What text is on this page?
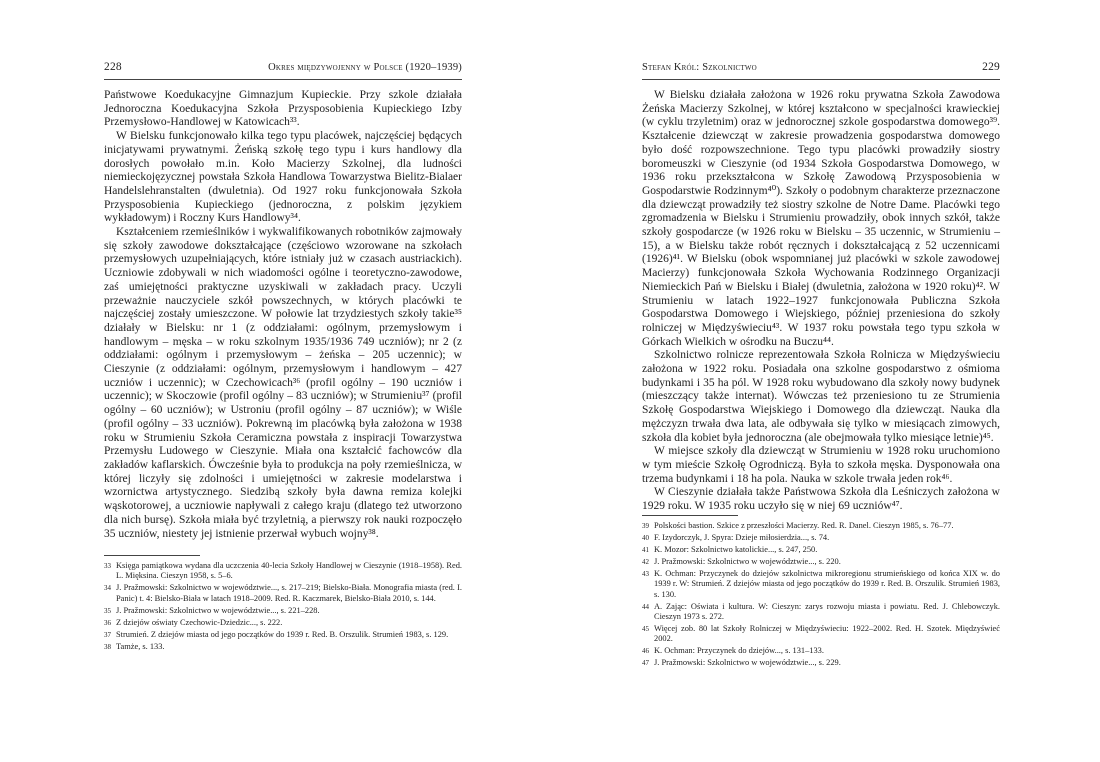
228	Okres międzywojenny w Polsce (1920–1939)

Państwowe Koedukacyjne Gimnazjum Kupieckie. Przy szkole działała Jednoroczna Koedukacyjna Szkoła Przysposobienia Kupieckiego Izby Przemysłowo-Handlowej w Katowicach³³.

W Bielsku funkcjonowało kilka tego typu placówek, najczęściej będących inicjatywami prywatnymi. Żeńską szkołę tego typu i kurs handlowy dla dorosłych powołało m.in. Koło Macierzy Szkolnej, dla ludności niemieckojęzycznej powstała Szkoła Handlowa Towarzystwa Bielitz-Bialaer Handelslehranstalten (dwuletnia). Od 1927 roku funkcjonowała Szkoła Przysposobienia Kupieckiego (jednoroczna, z polskim językiem wykładowym) i Roczny Kurs Handlowy³⁴.

Kształceniem rzemieślników i wykwalifikowanych robotników zajmowały się szkoły zawodowe dokształcające (częściowo wzorowane na szkołach przemysłowych uzupełniających, które istniały już w czasach austriackich). Uczniowie zdobywali w nich wiadomości ogólne i teoretyczno-zawodowe, zaś umiejętności praktyczne uzyskiwali w zakładach pracy. Uczyli przeważnie nauczyciele szkół powszechnych, w których placówki te najczęściej zostały umieszczone. W połowie lat trzydziestych szkoły takie³⁵ działały w Bielsku: nr 1 (z oddziałami: ogólnym, przemysłowym i handlowym – męska – w roku szkolnym 1935/1936 749 uczniów); nr 2 (z oddziałami: ogólnym i przemysłowym – żeńska – 205 uczennic); w Cieszynie (z oddziałami: ogólnym, przemysłowym i handlowym – 427 uczniów i uczennic); w Czechowicach³⁶ (profil ogólny – 190 uczniów i uczennic); w Skoczowie (profil ogólny – 83 uczniów); w Strumieniu³⁷ (profil ogólny – 60 uczniów); w Ustroniu (profil ogólny – 87 uczniów); w Wiśle (profil ogólny – 33 uczniów). Pokrewną im placówką była założona w 1938 roku w Strumieniu Szkoła Ceramiczna powstała z inspiracji Towarzystwa Przemysłu Ludowego w Cieszynie. Miała ona kształcić fachowców dla zakładów kaflarskich. Ówcześnie była to produkcja na poły rzemieślnicza, w której liczyły się zdolności i umiejętności w zakresie modelarstwa i wzornictwa artystycznego. Siedzibą szkoły była dawna remiza kolejki wąskotorowej, a uczniowie napływali z całego kraju (dlatego też utworzono dla nich bursę). Szkoła miała być trzyletnią, a pierwszy rok nauki rozpoczęło 35 uczniów, niestety jej istnienie przerwał wybuch wojny³⁸.

33 Księga pamiątkowa wydana dla uczczenia 40-lecia Szkoły Handlowej w Cieszynie (1918–1958). Red. L. Mięksina. Cieszyn 1958, s. 5–6.
34 J. Pražmowski: Szkolnictwo w województwie..., s. 217–219; Bielsko-Biała. Monografia miasta (red. I. Panic) t. 4: Bielsko-Biała w latach 1918–2009. Red. R. Kaczmarek, Bielsko-Biała 2010, s. 144.
35 J. Pražmowski: Szkolnictwo w województwie..., s. 221–228.
36 Z dziejów oświaty Czechowic-Dziedzic..., s. 222.
37 Strumień. Z dziejów miasta od jego początków do 1939 r. Red. B. Orszulik. Strumień 1983, s. 129.
38 Tamże, s. 133.
Stefan Król: Szkolnictwo	229

W Bielsku działała założona w 1926 roku prywatna Szkoła Zawodowa Żeńska Macierzy Szkolnej, w której kształcono w specjalności krawieckiej (w cyklu trzyletnim) oraz w jednorocznej szkole gospodarstwa domowego³⁹. Kształcenie dziewcząt w zakresie prowadzenia gospodarstwa domowego było dość rozpowszechnione. Tego typu placówki prowadziły siostry boromeuszki w Cieszynie (od 1934 Szkoła Gospodarstwa Domowego, w 1936 roku przekształcona w Szkołę Zawodową Przysposobienia w Gospodarstwie Rodzinnym⁴⁰). Szkoły o podobnym charakterze przeznaczone dla dziewcząt prowadziły też siostry szkolne de Notre Dame. Placówki tego zgromadzenia w Bielsku i Strumieniu prowadziły, obok innych szkół, także szkoły gospodarcze (w 1926 roku w Bielsku – 35 uczennic, w Strumieniu – 15), a w Bielsku także robót ręcznych i dokształcającą z 52 uczennicami (1926)⁴¹. W Bielsku (obok wspomnianej już placówki w szkole zawodowej Macierzy) funkcjonowała Szkoła Wychowania Rodzinnego Organizacji Niemieckich Pań w Bielsku i Białej (dwuletnia, założona w 1920 roku)⁴². W Strumieniu w latach 1922–1927 funkcjonowała Publiczna Szkoła Gospodarstwa Domowego i Wiejskiego, później przeniesiona do szkoły rolniczej w Międzyświeciu⁴³. W 1937 roku powstała tego typu szkoła w Górkach Wielkich w ośrodku na Buczu⁴⁴.

Szkolnictwo rolnicze reprezentowała Szkoła Rolnicza w Międzyświeciu założona w 1922 roku. Posiadała ona szkolne gospodarstwo z ośmioma budynkami i 35 ha pól. W 1928 roku wybudowano dla szkoły nowy budynek (mieszczący także internat). Wówczas też przeniesiono tu ze Strumienia Szkołę Gospodarstwa Wiejskiego i Domowego dla dziewcząt. Nauka dla mężczyzn trwała dwa lata, ale odbywała się tylko w miesiącach zimowych, szkoła dla kobiet była jednoroczna (ale obejmowała tylko miesiące letnie)⁴⁵.

W miejsce szkoły dla dziewcząt w Strumieniu w 1928 roku uruchomiono w tym mieście Szkołę Ogrodniczą. Była to szkoła męska. Dysponowała ona trzema budynkami i 18 ha pola. Nauka w szkole trwała jeden rok⁴⁶.

W Cieszynie działała także Państwowa Szkoła dla Leśniczych założona w 1929 roku. W 1935 roku uczyło się w niej 69 uczniów⁴⁷.

39 Polskości bastion. Szkice z przeszłości Macierzy. Red. R. Danel. Cieszyn 1985, s. 76–77.
40 F. Izydorczyk, J. Spyra: Dzieje miłosierdzia..., s. 74.
41 K. Mozor: Szkolnictwo katolickie..., s. 247, 250.
42 J. Pražmowski: Szkolnictwo w województwie..., s. 220.
43 K. Ochman: Przyczynek do dziejów szkolnictwa mikroregionu strumieńskiego od końca XIX w. do 1939 r. W: Strumień. Z dziejów miasta od jego początków do 1939 r. Red. B. Orszulik. Strumień 1983, s. 130.
44 A. Zając: Oświata i kultura. W: Cieszyn: zarys rozwoju miasta i powiatu. Red. J. Chlebowczyk. Cieszyn 1973 s. 272.
45 Więcej zob. 80 lat Szkoły Rolniczej w Międzyświeciu: 1922–2002. Red. H. Szotek. Międzyświeć 2002.
46 K. Ochman: Przyczynek do dziejów..., s. 131–133.
47 J. Pražmowski: Szkolnictwo w województwie..., s. 229.
